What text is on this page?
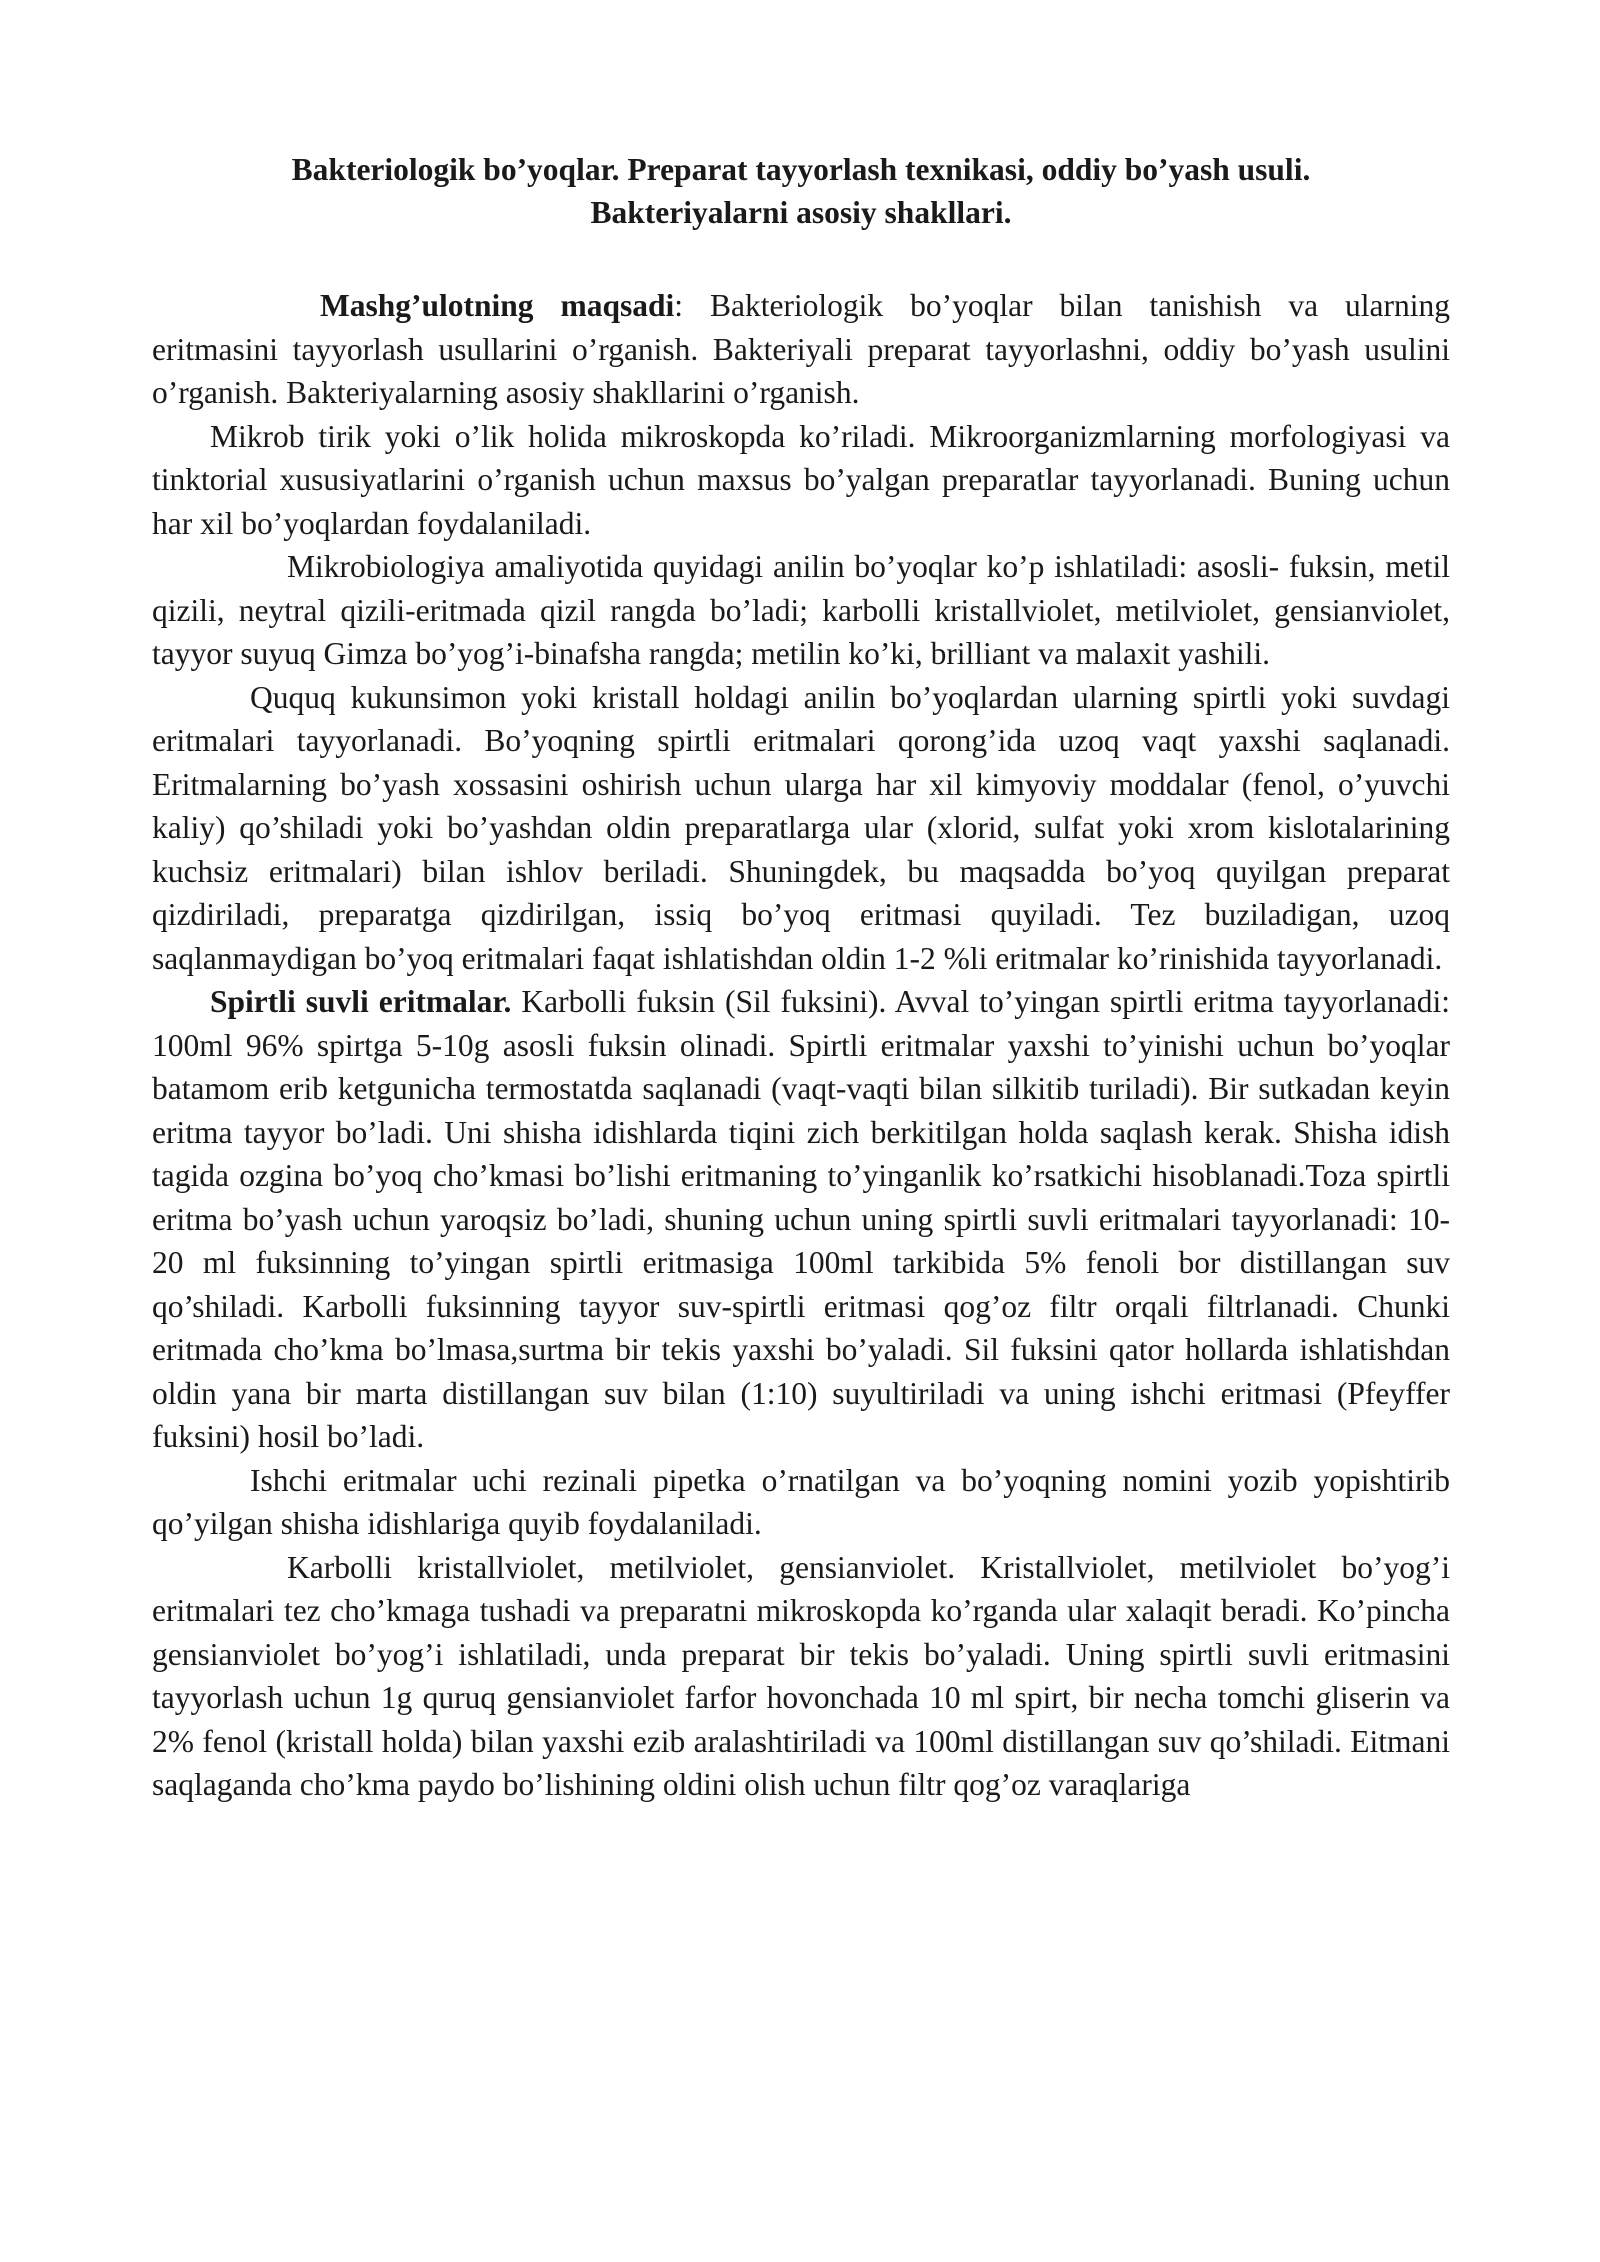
Bakteriologik bo’yoqlar. Preparat tayyorlash texnikasi, oddiy bo’yash usuli.
Bakteriyalarni asosiy shakllari.

Mashg’ulotning maqsadi: Bakteriologik bo’yoqlar bilan tanishish va ularning eritmasini tayyorlash usullarini o’rganish. Bakteriyali preparat tayyorlashni, oddiy bo’yash usulini o’rganish. Bakteriyalarning asosiy shakllarini o’rganish.

Mikrob tirik yoki o’lik holida mikroskopda ko’riladi. Mikroorganizmlarning morfologiyasi va tinktorial xususiyatlarini o’rganish uchun maxsus bo’yalgan preparatlar tayyorlanadi. Buning uchun har xil bo’yoqlardan foydalaniladi.

Mikrobiologiya amaliyotida quyidagi anilin bo’yoqlar ko’p ishlatiladi: asosli- fuksin, metil qizili, neytral qizili-eritmada qizil rangda bo’ladi; karbolli kristallviolet, metilviolet, gensianviolet, tayyor suyuq Gimza bo’yog’i-binafsha rangda; metilin ko’ki, brilliant va malaxit yashili.

Ququq kukunsimon yoki kristall holdagi anilin bo’yoqlardan ularning spirtli yoki suvdagi eritmalari tayyorlanadi. Bo’yoqning spirtli eritmalari qorong’ida uzoq vaqt yaxshi saqlanadi. Eritmalarning bo’yash xossasini oshirish uchun ularga har xil kimyoviy moddalar (fenol, o’yuvchi kaliy) qo’shiladi yoki bo’yashdan oldin preparatlarga ular (xlorid, sulfat yoki xrom kislotalarining kuchsiz eritmalari) bilan ishlov beriladi. Shuningdek, bu maqsadda bo’yoq quyilgan preparat qizdiriladi, preparatga qizdirilgan, issiq bo’yoq eritmasi quyiladi. Tez buziladigan, uzoq saqlanmaydigan bo’yoq eritmalari faqat ishlatishdan oldin 1-2 %li eritmalar ko’rinishida tayyorlanadi.

Spirtli suvli eritmalar. Karbolli fuksin (Sil fuksini). Avval to’yingan spirtli eritma tayyorlanadi: 100ml 96% spirtga 5-10g asosli fuksin olinadi. Spirtli eritmalar yaxshi to’yinishi uchun bo’yoqlar batamom erib ketgunicha termostatda saqlanadi (vaqt-vaqti bilan silkitib turiladi). Bir sutkadan keyin eritma tayyor bo’ladi. Uni shisha idishlarda tiqini zich berkitilgan holda saqlash kerak. Shisha idish tagida ozgina bo’yoq cho’kmasi bo’lishi eritmaning to’yinganlik ko’rsatkichi hisoblanadi.Toza spirtli eritma bo’yash uchun yaroqsiz bo’ladi, shuning uchun uning spirtli suvli eritmalari tayyorlanadi: 10-20 ml fuksinning to’yingan spirtli eritmasiga 100ml tarkibida 5% fenoli bor distillangan suv qo’shiladi. Karbolli fuksinning tayyor suv-spirtli eritmasi qog’oz filtr orqali filtrlanadi. Chunki eritmada cho’kma bo’lmasa,surtma bir tekis yaxshi bo’yaladi. Sil fuksini qator hollarda ishlatishdan oldin yana bir marta distillangan suv bilan (1:10) suyultiriladi va uning ishchi eritmasi (Pfeyffer fuksini) hosil bo’ladi.

Ishchi eritmalar uchi rezinali pipetka o’rnatilgan va bo’yoqning nomini yozib yopishtirib qo’yilgan shisha idishlariga quyib foydalaniladi.

Karbolli kristallviolet, metilviolet, gensianviolet. Kristallviolet, metilviolet bo’yog’i eritmalari tez cho’kmaga tushadi va preparatni mikroskopda ko’rganda ular xalaqit beradi. Ko’pincha gensianviolet bo’yog’i ishlatiladi, unda preparat bir tekis bo’yaladi. Uning spirtli suvli eritmasini tayyorlash uchun 1g quruq gensianviolet farfor hovonchada 10 ml spirt, bir necha tomchi gliserin va 2% fenol (kristall holda) bilan yaxshi ezib aralashtiriladi va 100ml distillangan suv qo’shiladi. Eitmani saqlaganda cho’kma paydo bo’lishining oldini olish uchun filtr qog’oz varaqlariga
